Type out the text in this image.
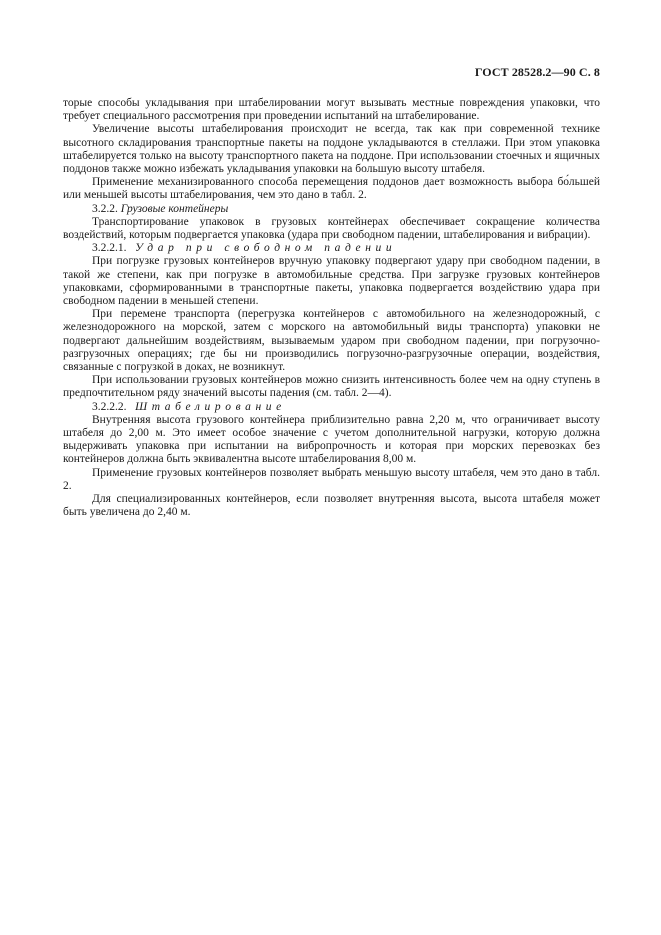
ГОСТ 28528.2—90 С. 8

торые способы укладывания при штабелировании могут вызывать местные повреждения упаковки, что требует специального рассмотрения при проведении испытаний на штабелирование.

Увеличение высоты штабелирования происходит не всегда, так как при современной технике высотного складирования транспортные пакеты на поддоне укладываются в стеллажи. При этом упаковка штабелируется только на высоту транспортного пакета на поддоне. При использовании стоечных и ящичных поддонов также можно избежать укладывания упаковки на большую высоту штабеля.

Применение механизированного способа перемещения поддонов дает возможность выбора бо́льшей или меньшей высоты штабелирования, чем это дано в табл. 2.

3.2.2. Грузовые контейнеры

Транспортирование упаковок в грузовых контейнерах обеспечивает сокращение количества воздействий, которым подвергается упаковка (удара при свободном падении, штабелирования и вибрации).

3.2.2.1. Удар при свободном падении

При погрузке грузовых контейнеров вручную упаковку подвергают удару при свободном падении, в такой же степени, как при погрузке в автомобильные средства. При загрузке грузовых контейнеров упаковками, сформированными в транспортные пакеты, упаковка подвергается воздействию удара при свободном падении в меньшей степени.

При перемене транспорта (перегрузка контейнеров с автомобильного на железнодорожный, с железнодорожного на морской, затем с морского на автомобильный виды транспорта) упаковки не подвергают дальнейшим воздействиям, вызываемым ударом при свободном падении, при погрузочно-разгрузочных операциях; где бы ни производились погрузочно-разгрузочные операции, воздействия, связанные с погрузкой в доках, не возникнут.

При использовании грузовых контейнеров можно снизить интенсивность более чем на одну ступень в предпочтительном ряду значений высоты падения (см. табл. 2—4).

3.2.2.2. Штабелирование

Внутренняя высота грузового контейнера приблизительно равна 2,20 м, что ограничивает высоту штабеля до 2,00 м. Это имеет особое значение с учетом дополнительной нагрузки, которую должна выдерживать упаковка при испытании на вибропрочность и которая при морских перевозках без контейнеров должна быть эквивалентна высоте штабелирования 8,00 м.

Применение грузовых контейнеров позволяет выбрать меньшую высоту штабеля, чем это дано в табл. 2.

Для специализированных контейнеров, если позволяет внутренняя высота, высота штабеля может быть увеличена до 2,40 м.
